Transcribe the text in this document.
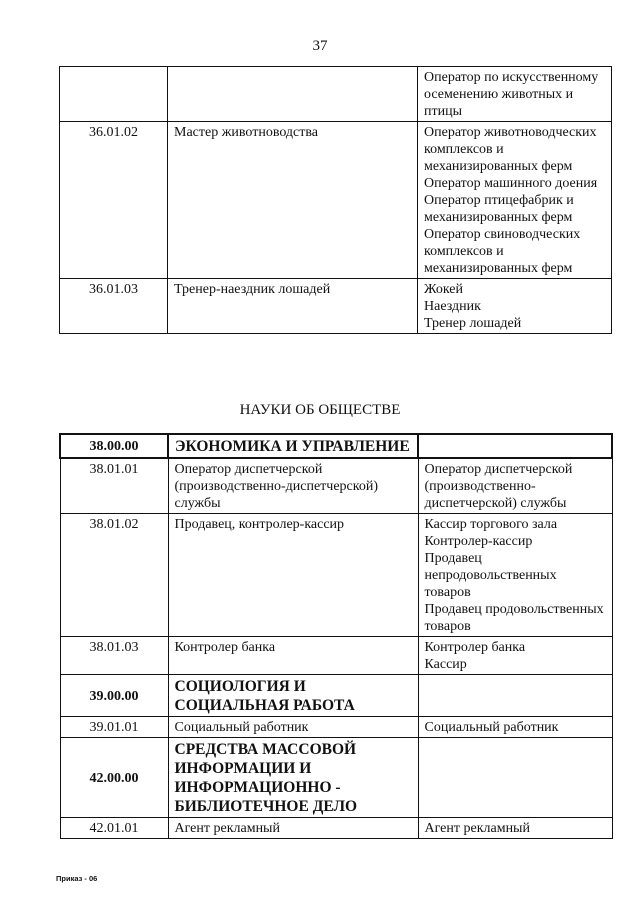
37

		Оператор по искусственному осеменению животных и птицы

36.01.02	Мастер животноводства	Оператор животноводческих комплексов и механизированных ферм
Оператор машинного доения
Оператор птицефабрик и механизированных ферм
Оператор свиноводческих комплексов и механизированных ферм

36.01.03	Тренер-наездник лошадей	Жокей
Наездник
Тренер лошадей
НАУКИ ОБ ОБЩЕСТВЕ
38.00.00	ЭКОНОМИКА И УПРАВЛЕНИЕ	
38.01.01	Оператор диспетчерской (производственно-диспетчерской) службы	Оператор диспетчерской (производственно-диспетчерской) службы

38.01.02	Продавец, контролер-кассир	Кассир торгового зала
Контролер-кассир
Продавец непродовольственных товаров
Продавец продовольственных товаров

38.01.03	Контролер банка	Контролер банка
Кассир

39.00.00	СОЦИОЛОГИЯ И СОЦИАЛЬНАЯ РАБОТА	
39.01.01	Социальный работник	Социальный работник

42.00.00	СРЕДСТВА МАССОВОЙ ИНФОРМАЦИИ И ИНФОРМАЦИОННО - БИБЛИОТЕЧНОЕ ДЕЛО	
42.01.01	Агент рекламный	Агент рекламный
Приказ - 06
